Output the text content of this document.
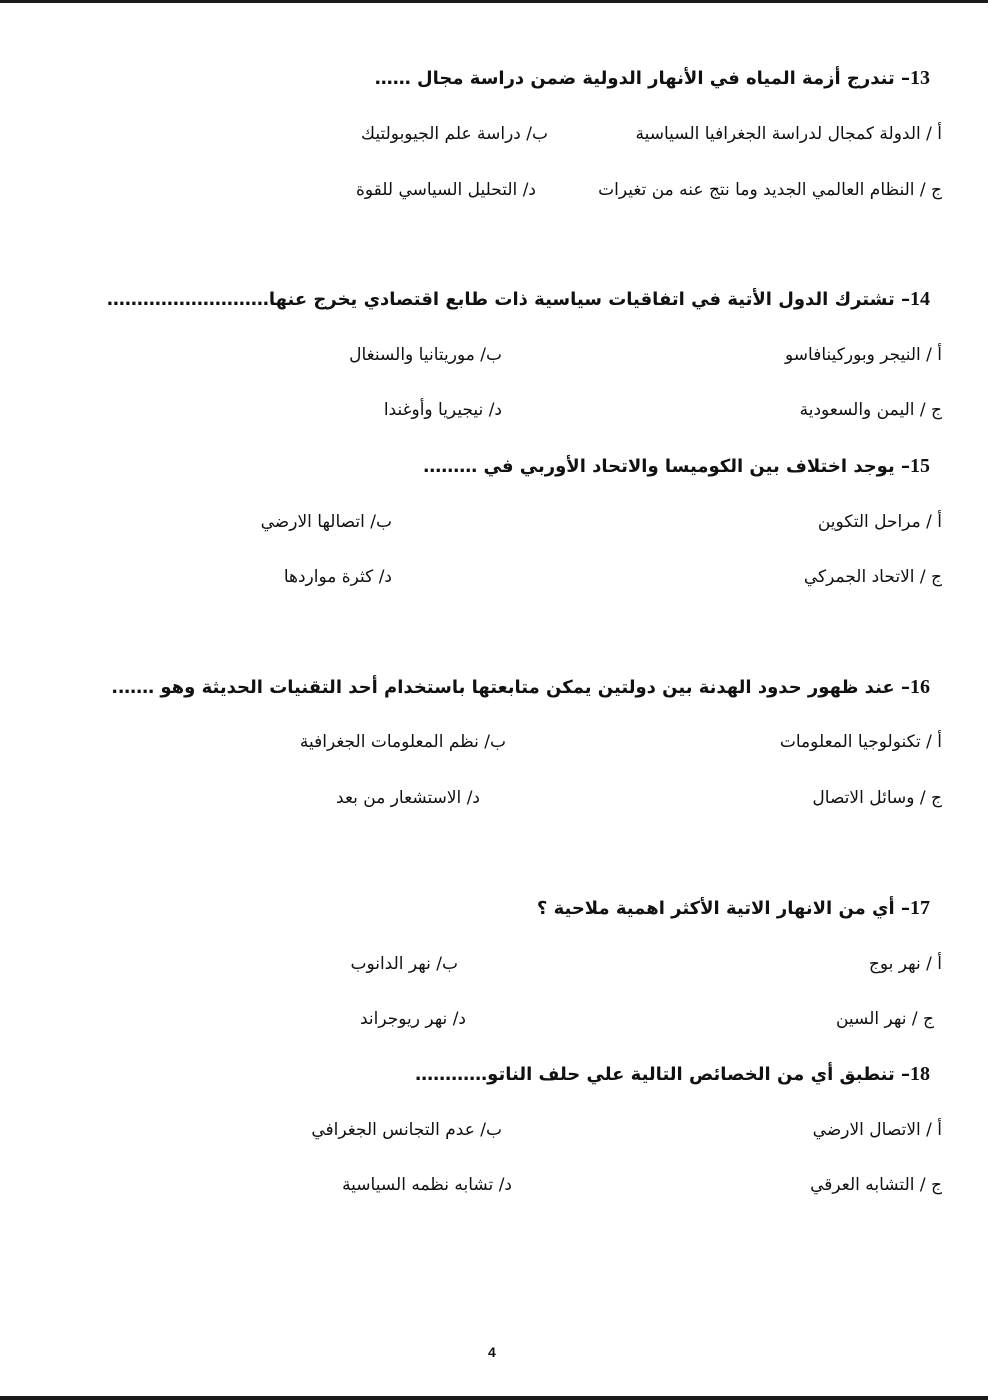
13– تندرج أزمة المياه في الأنهار الدولية ضمن دراسة مجال ……
أ / الدولة كمجال لدراسة الجغرافيا السياسية
ب/ دراسة علم الجيوبولتيك
ج / النظام العالمي الجديد وما نتج عنه من تغيرات
د/ التحليل السياسي للقوة
14– تشترك الدول الأتية في اتفاقيات سياسية ذات طابع اقتصادي يخرج عنها………………………
أ / النيجر وبوركينافاسو
ب/ موريتانيا والسنغال
ج / اليمن والسعودية
د/ نيجيريا وأوغندا
15– يوجد اختلاف بين الكوميسا والاتحاد الأوربي في ………
أ / مراحل التكوين
ب/ اتصالها الارضي
ج / الاتحاد الجمركي
د/ كثرة مواردها
16– عند ظهور حدود الهدنة بين دولتين يمكن متابعتها باستخدام أحد التقنيات الحديثة وهو …….
أ / تكنولوجيا المعلومات
ب/ نظم المعلومات الجغرافية
ج / وسائل الاتصال
د/ الاستشعار من بعد
17– أي من الانهار الاتية الأكثر اهمية ملاحية ؟
أ / نهر بوج
ب/ نهر الدانوب
ج / نهر السين
د/ نهر ريوجراند
18– تنطبق أي من الخصائص التالية علي حلف الناتو…………
أ / الاتصال الارضي
ب/ عدم التجانس الجغرافي
ج / التشابه العرقي
د/ تشابه نظمه السياسية
4
